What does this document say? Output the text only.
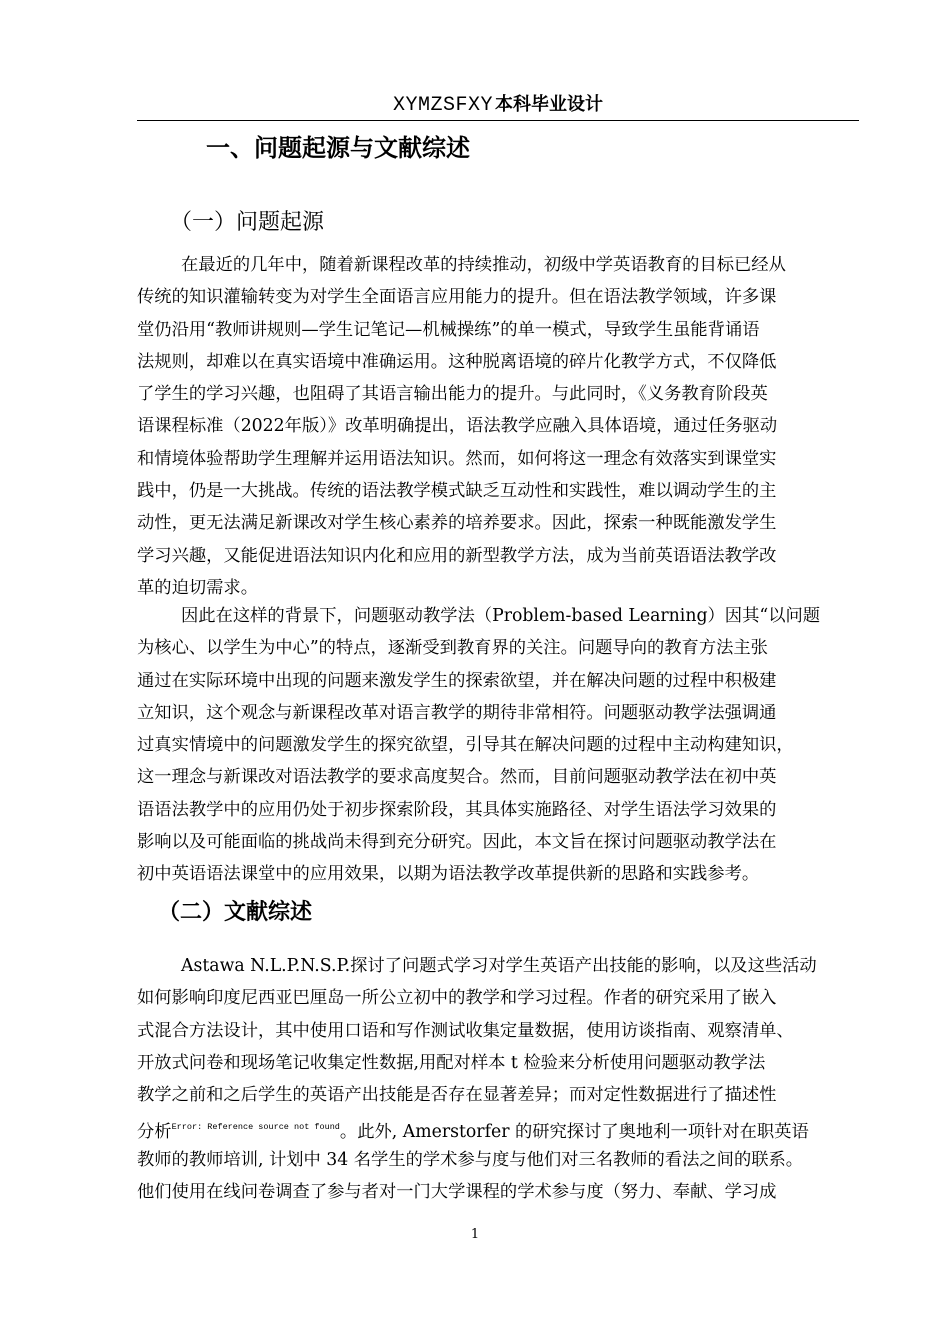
XYMZSFXY 本科毕业设计
一、问题起源与文献综述
（一）问题起源
在最近的几年中，随着新课程改革的持续推动，初级中学英语教育的目标已经从
传统的知识灌输转变为对学生全面语言应用能力的提升。但在语法教学领域，许多课
堂仍沿用“教师讲规则—学生记笔记—机械操练”的单一模式，导致学生虽能背诵语
法规则，却难以在真实语境中准确运用。这种脱离语境的碎片化教学方式，不仅降低
了学生的学习兴趣，也阻碍了其语言输出能力的提升。与此同时，《义务教育阶段英
语课程标准（2022年版）》改革明确提出，语法教学应融入具体语境，通过任务驱动
和情境体验帮助学生理解并运用语法知识。然而，如何将这一理念有效落实到课堂实
践中，仍是一大挑战。传统的语法教学模式缺乏互动性和实践性，难以调动学生的主
动性，更无法满足新课改对学生核心素养的培养要求。因此，探索一种既能激发学生
学习兴趣，又能促进语法知识内化和应用的新型教学方法，成为当前英语语法教学改
革的迫切需求。
因此在这样的背景下，问题驱动教学法（Problem-based Learning）因其“以问题
为核心、以学生为中心”的特点，逐渐受到教育界的关注。问题导向的教育方法主张
通过在实际环境中出现的问题来激发学生的探索欲望，并在解决问题的过程中积极建
立知识，这个观念与新课程改革对语言教学的期待非常相符。问题驱动教学法强调通
过真实情境中的问题激发学生的探究欲望，引导其在解决问题的过程中主动构建知识，
这一理念与新课改对语法教学的要求高度契合。然而，目前问题驱动教学法在初中英
语语法教学中的应用仍处于初步探索阶段，其具体实施路径、对学生语法学习效果的
影响以及可能面临的挑战尚未得到充分研究。因此，本文旨在探讨问题驱动教学法在
初中英语语法课堂中的应用效果，以期为语法教学改革提供新的思路和实践参考。
（二）文献综述
Astawa N.L.P.N.S.P.探讨了问题式学习对学生英语产出技能的影响，以及这些活动
如何影响印度尼西亚巴厘岛一所公立初中的教学和学习过程。作者的研究采用了嵌入
式混合方法设计，其中使用口语和写作测试收集定量数据，使用访谈指南、观察清单、
开放式问卷和现场笔记收集定性数据,用配对样本 t 检验来分析使用问题驱动教学法
教学之前和之后学生的英语产出技能是否存在显著差异；而对定性数据进行了描述性
分析$^{Error: Reference source not found}$。此外, Amerstorfer 的研究探讨了奥地利一项针对在职英语
教师的教师培训, 计划中 34 名学生的学术参与度与他们对三名教师的看法之间的联系。
他们使用在线问卷调查了参与者对一门大学课程的学术参与度（努力、奉献、学习成
1
